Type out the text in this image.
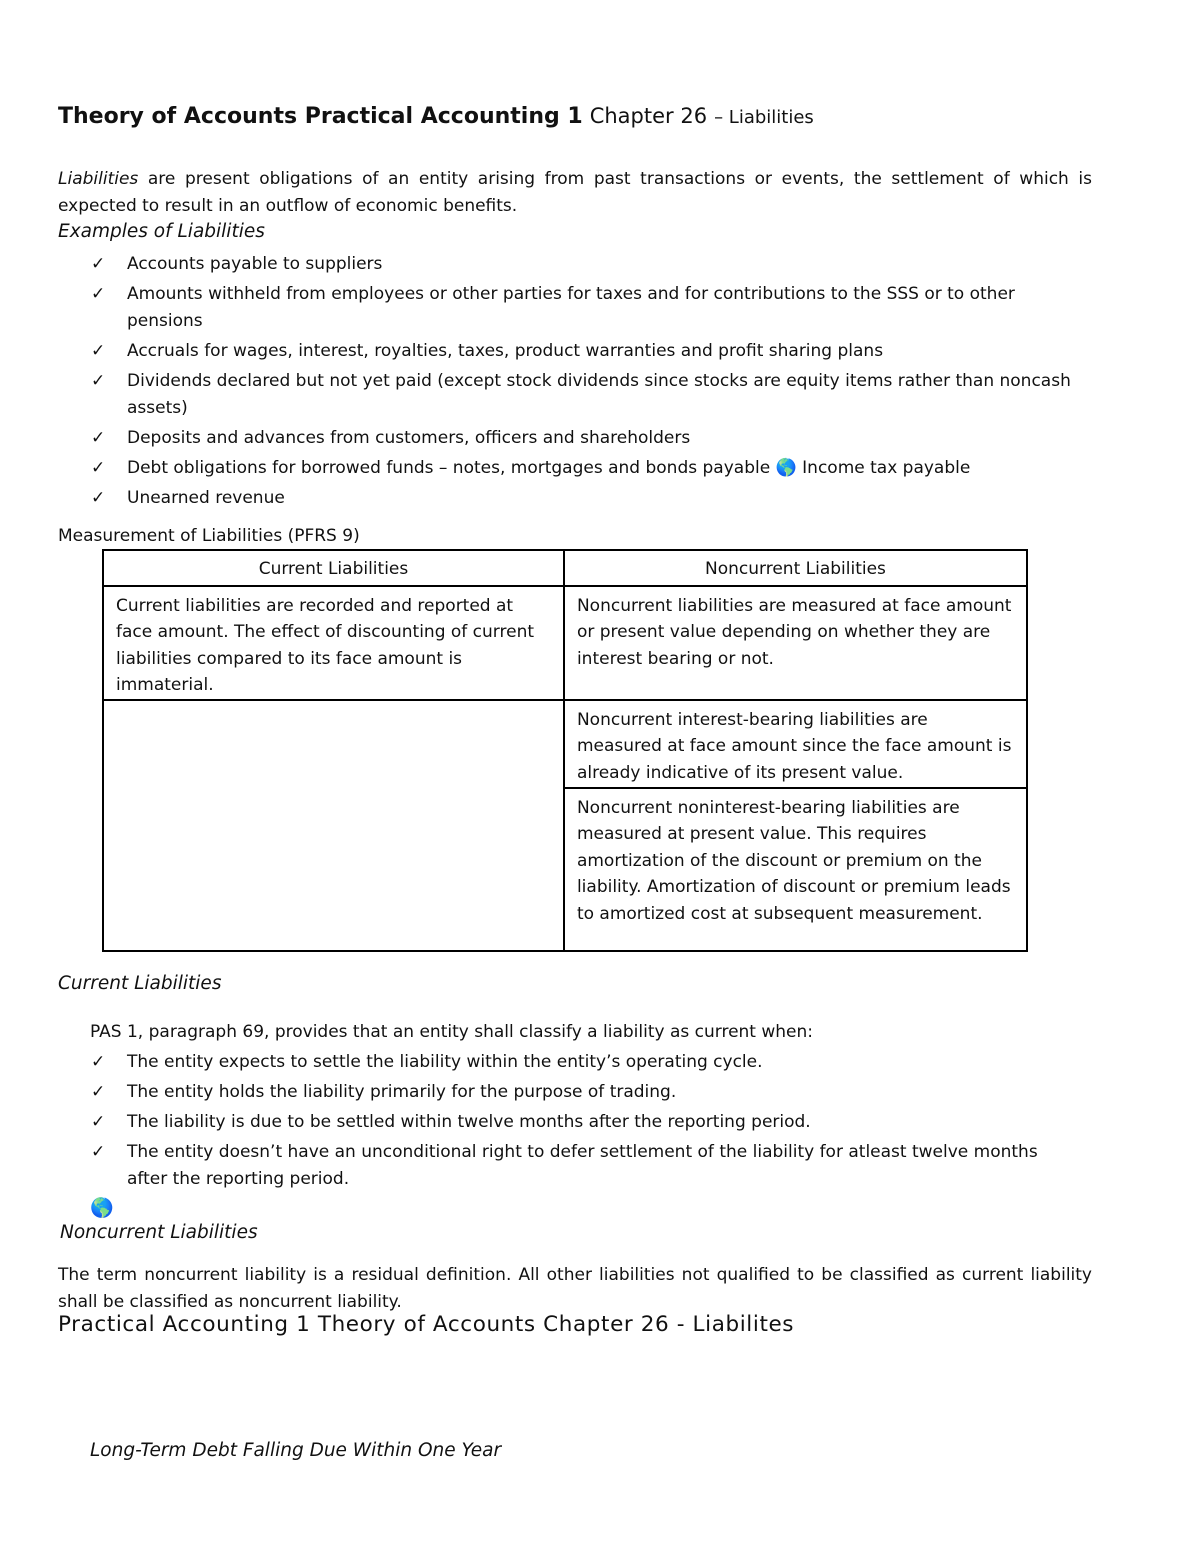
Theory of Accounts Practical Accounting 1 Chapter 26 – Liabilities
Liabilities are present obligations of an entity arising from past transactions or events, the settlement of which is expected to result in an outflow of economic benefits.
Examples of Liabilities
✓ Accounts payable to suppliers
✓ Amounts withheld from employees or other parties for taxes and for contributions to the SSS or to other pensions
✓ Accruals for wages, interest, royalties, taxes, product warranties and profit sharing plans
✓ Dividends declared but not yet paid (except stock dividends since stocks are equity items rather than noncash assets)
✓ Deposits and advances from customers, officers and shareholders
✓ Debt obligations for borrowed funds – notes, mortgages and bonds payable 🌎 Income tax payable
✓ Unearned revenue
Measurement of Liabilities (PFRS 9)
Current Liabilities	Noncurrent Liabilities
Current liabilities are recorded and reported at face amount. The effect of discounting of current liabilities compared to its face amount is immaterial.	Noncurrent liabilities are measured at face amount or present value depending on whether they are interest bearing or not.
	Noncurrent interest-bearing liabilities are measured at face amount since the face amount is already indicative of its present value.
	Noncurrent noninterest-bearing liabilities are measured at present value. This requires amortization of the discount or premium on the liability. Amortization of discount or premium leads to amortized cost at subsequent measurement.
Current Liabilities
PAS 1, paragraph 69, provides that an entity shall classify a liability as current when:
✓ The entity expects to settle the liability within the entity’s operating cycle.
✓ The entity holds the liability primarily for the purpose of trading.
✓ The liability is due to be settled within twelve months after the reporting period.
✓ The entity doesn’t have an unconditional right to defer settlement of the liability for atleast twelve months after the reporting period.
🌎
Noncurrent Liabilities
The term noncurrent liability is a residual definition. All other liabilities not qualified to be classified as current liability shall be classified as noncurrent liability.
Practical Accounting 1 Theory of Accounts Chapter 26 - Liabilites
Long-Term Debt Falling Due Within One Year
